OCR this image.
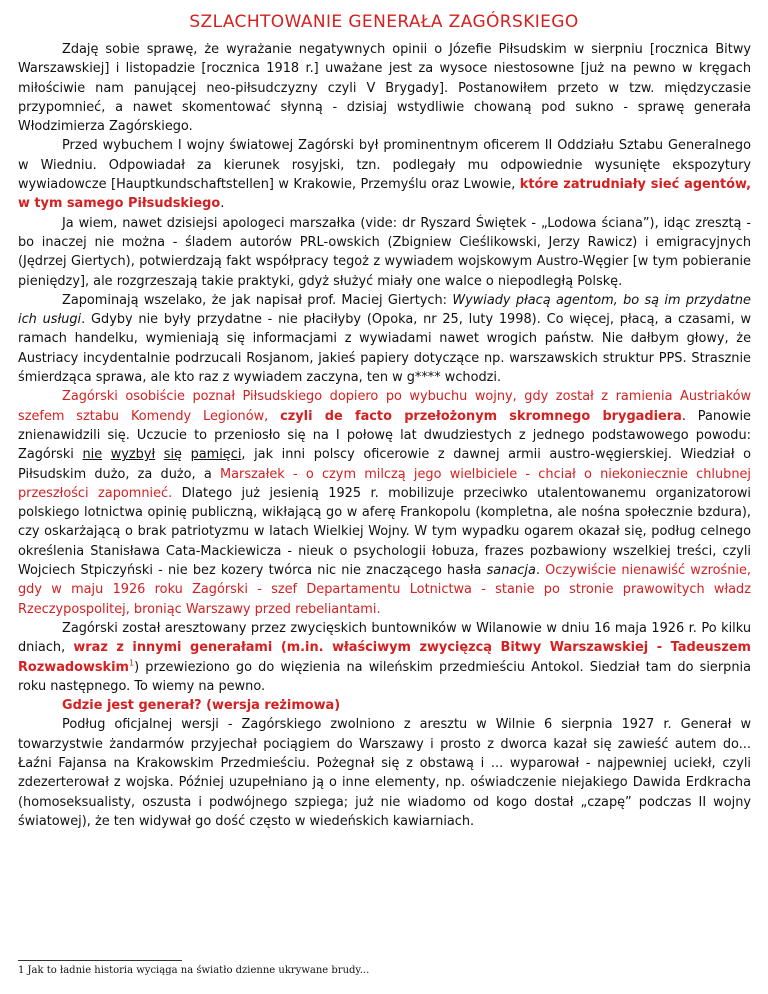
SZLACHTOWANIE GENERAŁA ZAGÓRSKIEGO

Zdaję sobie sprawę, że wyrażanie negatywnych opinii o Józefie Piłsudskim w sierpniu [rocznica Bitwy Warszawskiej] i listopadzie [rocznica 1918 r.] uważane jest za wysoce niestosowne [już na pewno w kręgach miłościwie nam panującej neo-piłsudczyzny czyli V Brygady]. Postanowiłem przeto w tzw. międzyczasie przypomnieć, a nawet skomentować słynną - dzisiaj wstydliwie chowaną pod sukno - sprawę generała Włodzimierza Zagórskiego.

Przed wybuchem I wojny światowej Zagórski był prominentnym oficerem II Oddziału Sztabu Generalnego w Wiedniu. Odpowiadał za kierunek rosyjski, tzn. podlegały mu odpowiednie wysunięte ekspozytury wywiadowcze [Hauptkundschaftstellen] w Krakowie, Przemyślu oraz Lwowie, które zatrudniały sieć agentów, w tym samego Piłsudskiego.

Ja wiem, nawet dzisiejsi apologeci marszałka (vide: dr Ryszard Świętek - „Lodowa ściana”), idąc zresztą - bo inaczej nie można - śladem autorów PRL-owskich (Zbigniew Cieślikowski, Jerzy Rawicz) i emigracyjnych (Jędrzej Giertych), potwierdzają fakt współpracy tegoż z wywiadem wojskowym Austro-Węgier [w tym pobieranie pieniędzy], ale rozgrzeszają takie praktyki, gdyż służyć miały one walce o niepodległą Polskę.

Zapominają wszelako, że jak napisał prof. Maciej Giertych: Wywiady płacą agentom, bo są im przydatne ich usługi. Gdyby nie były przydatne - nie płaciłyby (Opoka, nr 25, luty 1998). Co więcej, płacą, a czasami, w ramach handelku, wymieniają się informacjami z wywiadami nawet wrogich państw. Nie dałbym głowy, że Austriacy incydentalnie podrzucali Rosjanom, jakieś papiery dotyczące np. warszawskich struktur PPS. Strasznie śmierdząca sprawa, ale kto raz z wywiadem zaczyna, ten w g**** wchodzi.

Zagórski osobiście poznał Piłsudskiego dopiero po wybuchu wojny, gdy został z ramienia Austriaków szefem sztabu Komendy Legionów, czyli de facto przełożonym skromnego brygadiera. Panowie znienawidzili się. Uczucie to przeniosło się na I połowę lat dwudziestych z jednego podstawowego powodu: Zagórski nie wyzbył się pamięci, jak inni polscy oficerowie z dawnej armii austro-węgierskiej. Wiedział o Piłsudskim dużo, za dużo, a Marszałek - o czym milczą jego wielbiciele - chciał o niekoniecznie chlubnej przeszłości zapomnieć. Dlatego już jesienią 1925 r. mobilizuje przeciwko utalentowanemu organizatorowi polskiego lotnictwa opinię publiczną, wikłającą go w aferę Frankopolu (kompletna, ale nośna społecznie bzdura), czy oskarżającą o brak patriotyzmu w latach Wielkiej Wojny. W tym wypadku ogarem okazał się, podług celnego określenia Stanisława Cata-Mackiewicza - nieuk o psychologii łobuza, frazes pozbawiony wszelkiej treści, czyli Wojciech Stpiczyński - nie bez kozery twórca nic nie znaczącego hasła sanacja. Oczywiście nienawiść wzrośnie, gdy w maju 1926 roku Zagórski - szef Departamentu Lotnictwa - stanie po stronie prawowitych władz Rzeczypospolitej, broniąc Warszawy przed rebeliantami.

Zagórski został aresztowany przez zwycięskich buntowników w Wilanowie w dniu 16 maja 1926 r. Po kilku dniach, wraz z innymi generałami (m.in. właściwym zwycięzcą Bitwy Warszawskiej - Tadeuszem Rozwadowskim$^1$) przewieziono go do więzienia na wileńskim przedmieściu Antokol. Siedział tam do sierpnia roku następnego. To wiemy na pewno.

Gdzie jest generał? (wersja reżimowa)

Podług oficjalnej wersji - Zagórskiego zwolniono z aresztu w Wilnie 6 sierpnia 1927 r. Generał w towarzystwie żandarmów przyjechał pociągiem do Warszawy i prosto z dworca kazał się zawieść autem do... Łaźni Fajansa na Krakowskim Przedmieściu. Pożegnał się z obstawą i ... wyparował - najpewniej uciekł, czyli zdezerterował z wojska. Później uzupełniano ją o inne elementy, np. oświadczenie niejakiego Dawida Erdkracha (homoseksualisty, oszusta i podwójnego szpiega; już nie wiadomo od kogo dostał „czapę” podczas II wojny światowej), że ten widywał go dość często w wiedeńskich kawiarniach.

1 Jak to ładnie historia wyciąga na światło dzienne ukrywane brudy...
